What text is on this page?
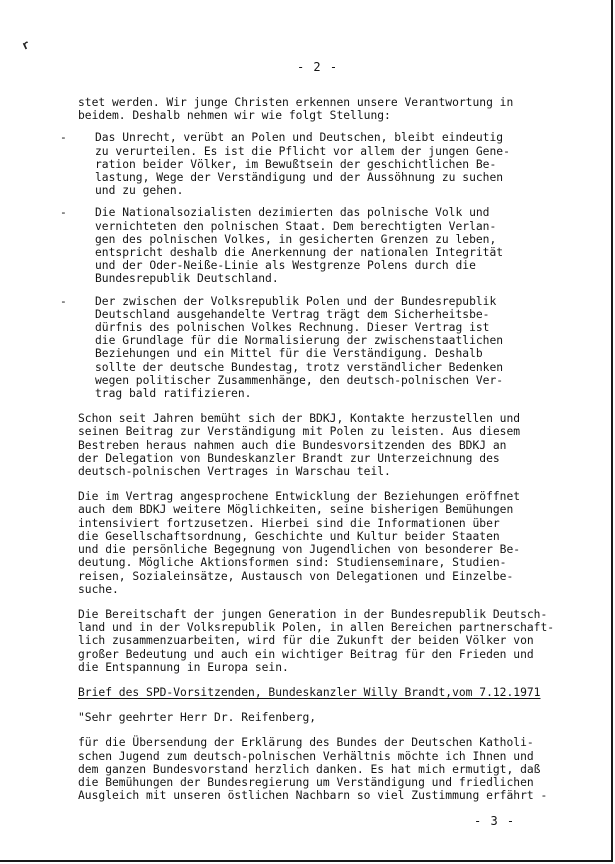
r
- 2 -
stet werden. Wir junge Christen erkennen unsere Verantwortung in
beidem. Deshalb nehmen wir wie folgt Stellung:
- Das Unrecht, verübt an Polen und Deutschen, bleibt eindeutig
zu verurteilen. Es ist die Pflicht vor allem der jungen Gene-
ration beider Völker, im Bewußtsein der geschichtlichen Be-
lastung, Wege der Verständigung und der Aussöhnung zu suchen
und zu gehen.
- Die Nationalsozialisten dezimierten das polnische Volk und
vernichteten den polnischen Staat. Dem berechtigten Verlan-
gen des polnischen Volkes, in gesicherten Grenzen zu leben,
entspricht deshalb die Anerkennung der nationalen Integrität
und der Oder-Neiße-Linie als Westgrenze Polens durch die
Bundesrepublik Deutschland.
- Der zwischen der Volksrepublik Polen und der Bundesrepublik
Deutschland ausgehandelte Vertrag trägt dem Sicherheitsbe-
dürfnis des polnischen Volkes Rechnung. Dieser Vertrag ist
die Grundlage für die Normalisierung der zwischenstaatlichen
Beziehungen und ein Mittel für die Verständigung. Deshalb
sollte der deutsche Bundestag, trotz verständlicher Bedenken
wegen politischer Zusammenhänge, den deutsch-polnischen Ver-
trag bald ratifizieren.
Schon seit Jahren bemüht sich der BDKJ, Kontakte herzustellen und
seinen Beitrag zur Verständigung mit Polen zu leisten. Aus diesem
Bestreben heraus nahmen auch die Bundesvorsitzenden des BDKJ an
der Delegation von Bundeskanzler Brandt zur Unterzeichnung des
deutsch-polnischen Vertrages in Warschau teil.
Die im Vertrag angesprochene Entwicklung der Beziehungen eröffnet
auch dem BDKJ weitere Möglichkeiten, seine bisherigen Bemühungen
intensiviert fortzusetzen. Hierbei sind die Informationen über
die Gesellschaftsordnung, Geschichte und Kultur beider Staaten
und die persönliche Begegnung von Jugendlichen von besonderer Be-
deutung. Mögliche Aktionsformen sind: Studienseminare, Studien-
reisen, Sozialeinsätze, Austausch von Delegationen und Einzelbe-
suche.
Die Bereitschaft der jungen Generation in der Bundesrepublik Deutsch-
land und in der Volksrepublik Polen, in allen Bereichen partnerschaft-
lich zusammenzuarbeiten, wird für die Zukunft der beiden Völker von
großer Bedeutung und auch ein wichtiger Beitrag für den Frieden und
die Entspannung in Europa sein.
Brief des SPD-Vorsitzenden, Bundeskanzler Willy Brandt,vom 7.12.1971
"Sehr geehrter Herr Dr. Reifenberg,
für die Übersendung der Erklärung des Bundes der Deutschen Katholi-
schen Jugend zum deutsch-polnischen Verhältnis möchte ich Ihnen und
dem ganzen Bundesvorstand herzlich danken. Es hat mich ermutigt, daß
die Bemühungen der Bundesregierung um Verständigung und friedlichen
Ausgleich mit unseren östlichen Nachbarn so viel Zustimmung erfährt -
- 3 -
